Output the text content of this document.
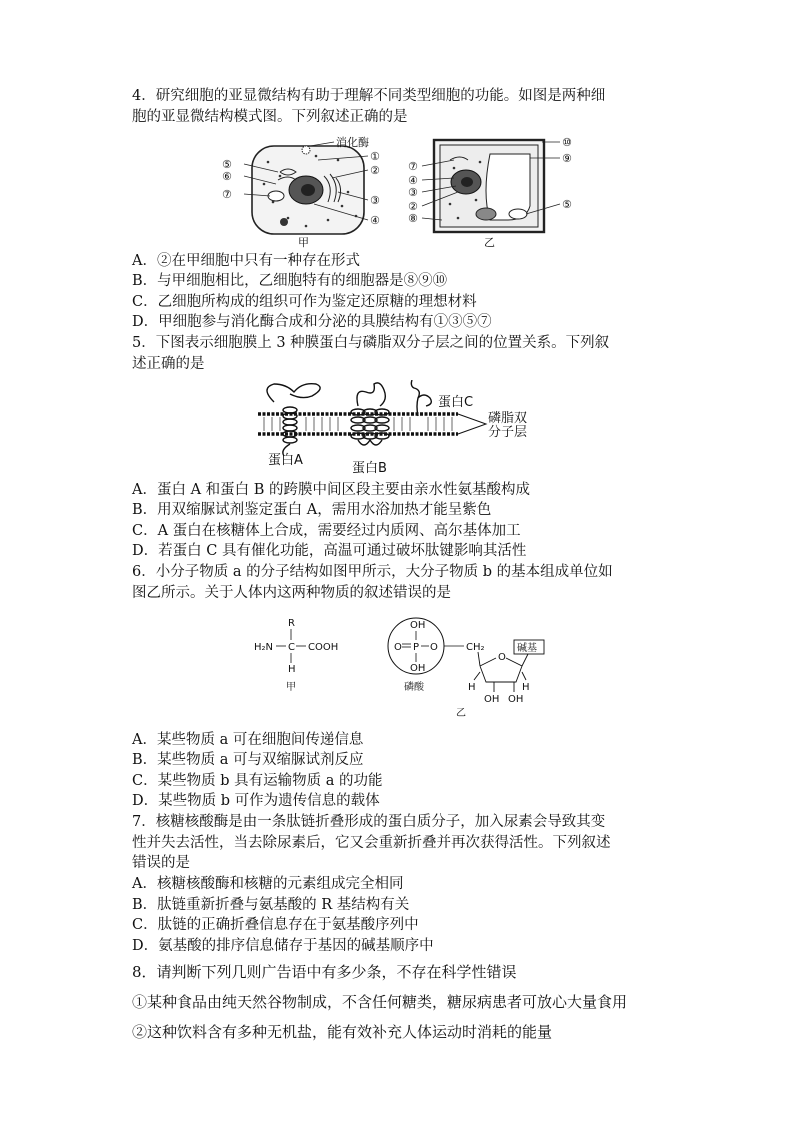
4．研究细胞的亚显微结构有助于理解不同类型细胞的功能。如图是两种细
胞的亚显微结构模式图。下列叙述正确的是
⑤
⑥
⑦
消化酶
①
②
③
④
甲
⑦
④
③
②
⑧
⑩
⑨
⑤
乙
A．②在甲细胞中只有一种存在形式
B．与甲细胞相比，乙细胞特有的细胞器是⑧⑨⑩
C．乙细胞所构成的组织可作为鉴定还原糖的理想材料
D．甲细胞参与消化酶合成和分泌的具膜结构有①③⑤⑦
5．下图表示细胞膜上 3 种膜蛋白与磷脂双分子层之间的位置关系。下列叙
述正确的是
蛋白A
蛋白B
蛋白C
磷脂双
分子层
A．蛋白 A 和蛋白 B 的跨膜中间区段主要由亲水性氨基酸构成
B．用双缩脲试剂鉴定蛋白 A，需用水浴加热才能呈紫色
C．A 蛋白在核糖体上合成，需要经过内质网、高尔基体加工
D．若蛋白 C 具有催化功能，高温可通过破坏肽键影响其活性
6．小分子物质 a 的分子结构如图甲所示，大分子物质 b 的基本组成单位如
图乙所示。关于人体内这两种物质的叙述错误的是
R
H₂N C COOH
H
甲
OH
O P O
OH
磷酸
CH₂
O
H	H
OH OH
乙
碱基
A．某些物质 a 可在细胞间传递信息
B．某些物质 a 可与双缩脲试剂反应
C．某些物质 b 具有运输物质 a 的功能
D．某些物质 b 可作为遗传信息的载体
7．核糖核酸酶是由一条肽链折叠形成的蛋白质分子，加入尿素会导致其变
性并失去活性，当去除尿素后，它又会重新折叠并再次获得活性。下列叙述
错误的是
A．核糖核酸酶和核糖的元素组成完全相同
B．肽链重新折叠与氨基酸的 R 基结构有关
C．肽链的正确折叠信息存在于氨基酸序列中
D．氨基酸的排序信息储存于基因的碱基顺序中
8．请判断下列几则广告语中有多少条，不存在科学性错误
①某种食品由纯天然谷物制成，不含任何糖类，糖尿病患者可放心大量食用
②这种饮料含有多种无机盐，能有效补充人体运动时消耗的能量
